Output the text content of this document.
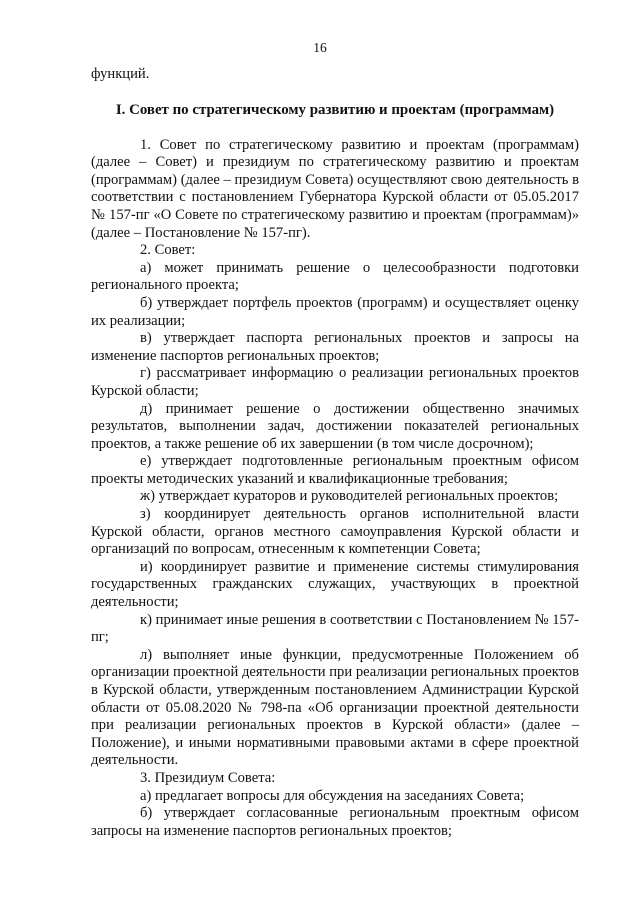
16

функций.

I. Совет по стратегическому развитию и проектам (программам)

1. Совет по стратегическому развитию и проектам (программам) (далее – Совет) и президиум по стратегическому развитию и проектам (программам) (далее – президиум Совета) осуществляют свою деятельность в соответствии с постановлением Губернатора Курской области от 05.05.2017 № 157-пг «О Совете по стратегическому развитию и проектам (программам)» (далее – Постановление № 157-пг).

2. Совет:

а) может принимать решение о целесообразности подготовки регионального проекта;

б) утверждает портфель проектов (программ) и осуществляет оценку их реализации;

в) утверждает паспорта региональных проектов и запросы на изменение паспортов региональных проектов;

г) рассматривает информацию о реализации региональных проектов Курской области;

д) принимает решение о достижении общественно значимых результатов, выполнении задач, достижении показателей региональных проектов, а также решение об их завершении (в том числе досрочном);

е) утверждает подготовленные региональным проектным офисом проекты методических указаний и квалификационные требования;

ж) утверждает кураторов и руководителей региональных проектов;

з) координирует деятельность органов исполнительной власти Курской области, органов местного самоуправления Курской области и организаций по вопросам, отнесенным к компетенции Совета;

и) координирует развитие и применение системы стимулирования государственных гражданских служащих, участвующих в проектной деятельности;

к) принимает иные решения в соответствии с Постановлением № 157-пг;

л) выполняет иные функции, предусмотренные Положением об организации проектной деятельности при реализации региональных проектов в Курской области, утвержденным постановлением Администрации Курской области от 05.08.2020 № 798-па «Об организации проектной деятельности при реализации региональных проектов в Курской области» (далее – Положение), и иными нормативными правовыми актами в сфере проектной деятельности.

3. Президиум Совета:

а) предлагает вопросы для обсуждения на заседаниях Совета;

б) утверждает согласованные региональным проектным офисом запросы на изменение паспортов региональных проектов;
